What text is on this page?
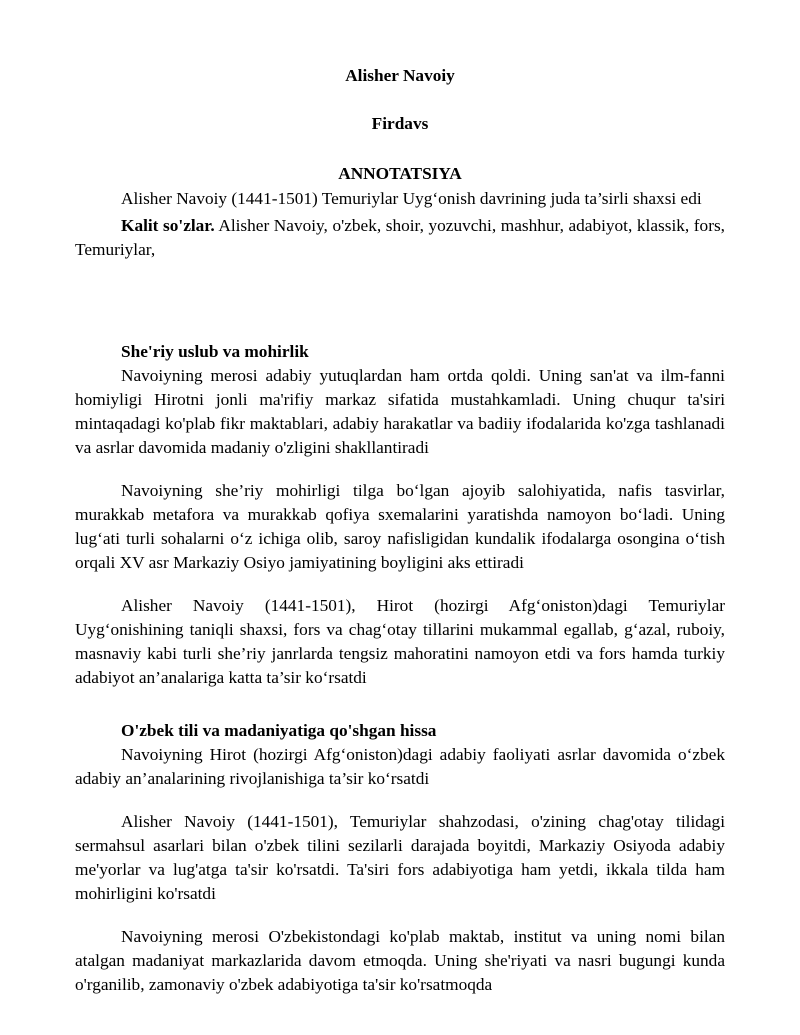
Alisher Navoiy

Firdavs

ANNOTATSIYA

Alisher Navoiy (1441-1501) Temuriylar Uyg‘onish davrining juda ta’sirli shaxsi edi

Kalit so'zlar. Alisher Navoiy, o'zbek, shoir, yozuvchi, mashhur, adabiyot, klassik, fors, Temuriylar,

She'riy uslub va mohirlik

Navoiyning merosi adabiy yutuqlardan ham ortda qoldi. Uning san'at va ilm-fanni homiyligi Hirotni jonli ma'rifiy markaz sifatida mustahkamladi. Uning chuqur ta'siri mintaqadagi ko'plab fikr maktablari, adabiy harakatlar va badiiy ifodalarida ko'zga tashlanadi va asrlar davomida madaniy o'zligini shakllantiradi

Navoiyning she’riy mohirligi tilga bo‘lgan ajoyib salohiyatida, nafis tasvirlar, murakkab metafora va murakkab qofiya sxemalarini yaratishda namoyon bo‘ladi. Uning lug‘ati turli sohalarni o‘z ichiga olib, saroy nafisligidan kundalik ifodalarga osongina o‘tish orqali XV asr Markaziy Osiyo jamiyatining boyligini aks ettiradi

Alisher Navoiy (1441-1501), Hirot (hozirgi Afg‘oniston)dagi Temuriylar Uyg‘onishining taniqli shaxsi, fors va chag‘otay tillarini mukammal egallab, g‘azal, ruboiy, masnaviy kabi turli she’riy janrlarda tengsiz mahoratini namoyon etdi va fors hamda turkiy adabiyot an’analariga katta ta’sir ko‘rsatdi

O'zbek tili va madaniyatiga qo'shgan hissa

Navoiyning Hirot (hozirgi Afg‘oniston)dagi adabiy faoliyati asrlar davomida o‘zbek adabiy an’analarining rivojlanishiga ta’sir ko‘rsatdi

Alisher Navoiy (1441-1501), Temuriylar shahzodasi, o'zining chag'otay tilidagi sermahsul asarlari bilan o'zbek tilini sezilarli darajada boyitdi, Markaziy Osiyoda adabiy me'yorlar va lug'atga ta'sir ko'rsatdi. Ta'siri fors adabiyotiga ham yetdi, ikkala tilda ham mohirligini ko'rsatdi

Navoiyning merosi O'zbekistondagi ko'plab maktab, institut va uning nomi bilan atalgan madaniyat markazlarida davom etmoqda. Uning she'riyati va nasri bugungi kunda o'rganilib, zamonaviy o'zbek adabiyotiga ta'sir ko'rsatmoqda
